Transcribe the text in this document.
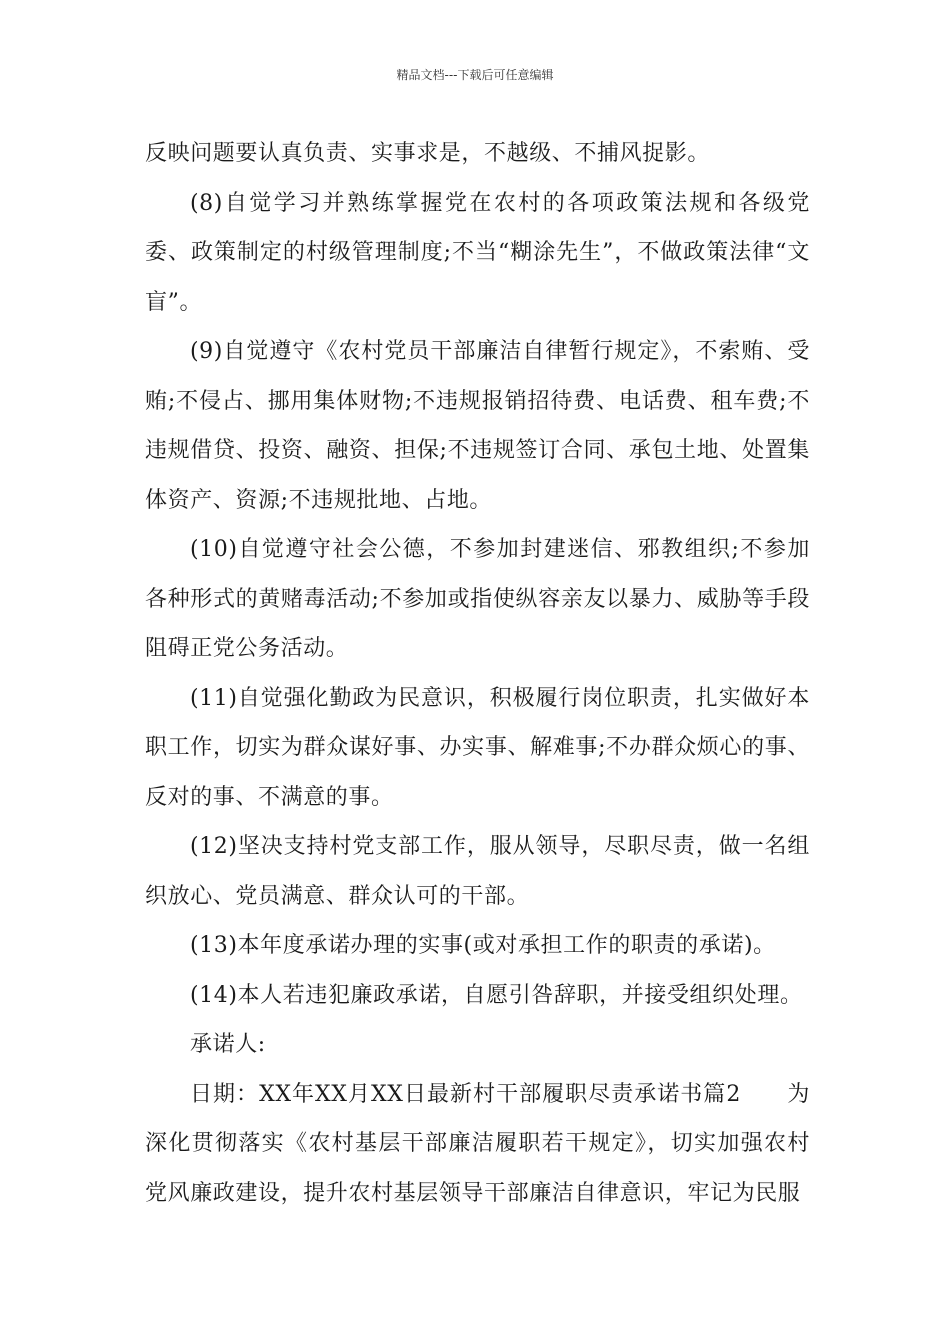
精品文档---下载后可任意编辑

反映问题要认真负责、实事求是，不越级、不捕风捉影。

(8)自觉学习并熟练掌握党在农村的各项政策法规和各级党委、政策制定的村级管理制度;不当“糊涂先生”，不做政策法律“文盲”。

(9)自觉遵守《农村党员干部廉洁自律暂行规定》，不索贿、受贿;不侵占、挪用集体财物;不违规报销招待费、电话费、租车费;不违规借贷、投资、融资、担保;不违规签订合同、承包土地、处置集体资产、资源;不违规批地、占地。

(10)自觉遵守社会公德，不参加封建迷信、邪教组织;不参加各种形式的黄赌毒活动;不参加或指使纵容亲友以暴力、威胁等手段阻碍正党公务活动。

(11)自觉强化勤政为民意识，积极履行岗位职责，扎实做好本职工作，切实为群众谋好事、办实事、解难事;不办群众烦心的事、反对的事、不满意的事。

(12)坚决支持村党支部工作，服从领导，尽职尽责，做一名组织放心、党员满意、群众认可的干部。

(13)本年度承诺办理的实事(或对承担工作的职责的承诺)。

(14)本人若违犯廉政承诺，自愿引咎辞职，并接受组织处理。

承诺人:

日期：XX年XX月XX日最新村干部履职尽责承诺书篇2　　为深化贯彻落实《农村基层干部廉洁履职若干规定》，切实加强农村党风廉政建设，提升农村基层领导干部廉洁自律意识，牢记为民服
